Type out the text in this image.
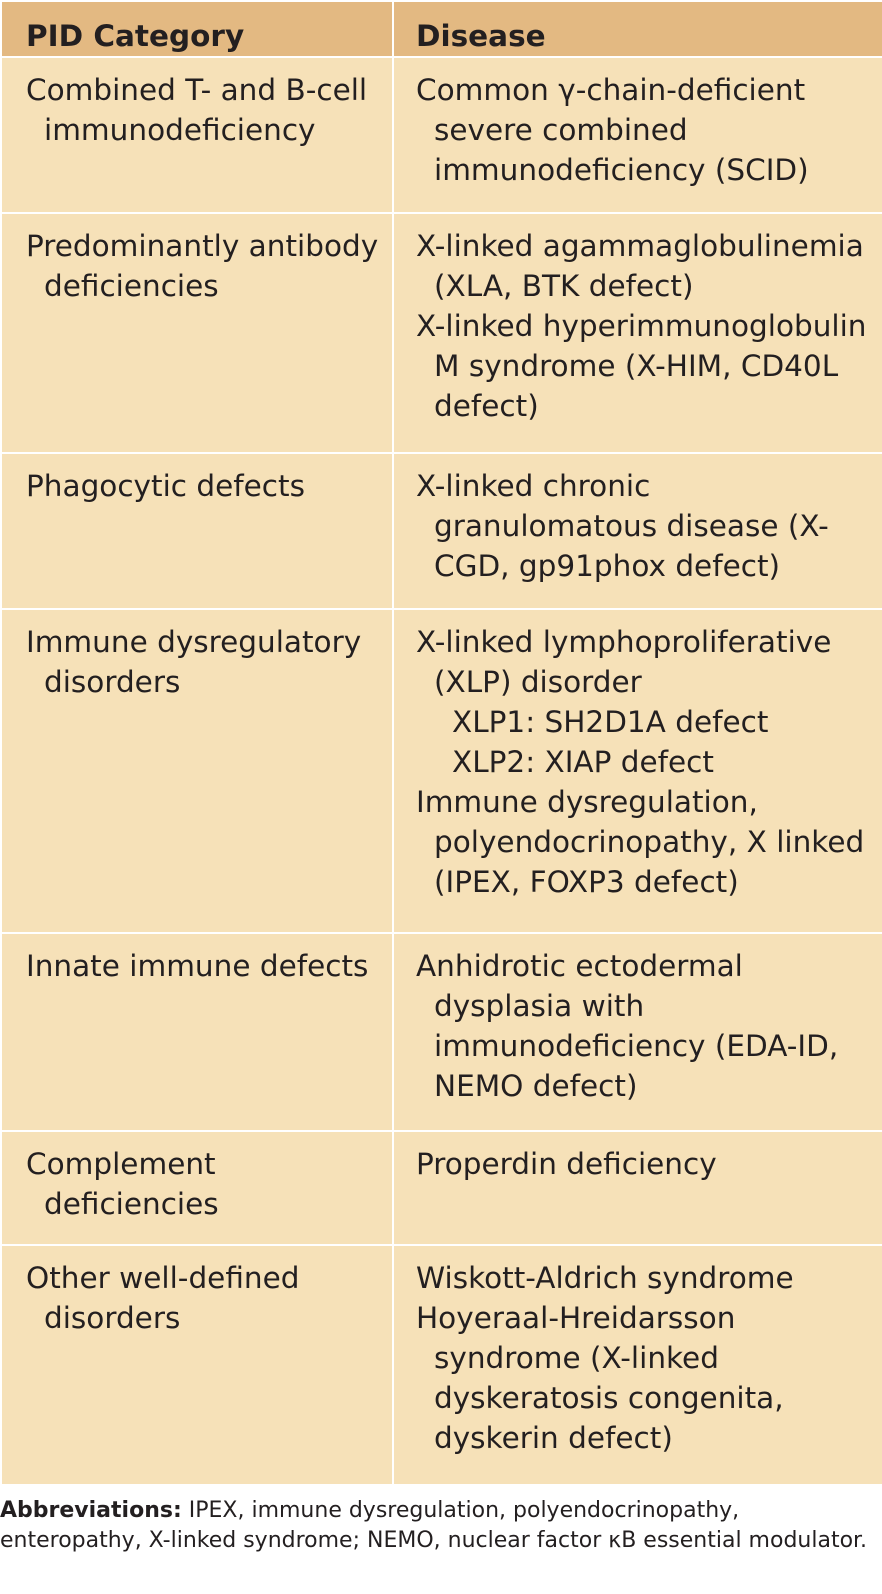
PID Category	Disease

Combined T- and B-cell immunodeficiency	Common γ-chain-deficient severe combined immunodeficiency (SCID)

Predominantly antibody deficiencies	X-linked agammaglobulinemia (XLA, BTK defect)
X-linked hyperimmunoglobulin M syndrome (X-HIM, CD40L defect)

Phagocytic defects	X-linked chronic granulomatous disease (X-CGD, gp91phox defect)

Immune dysregulatory disorders	X-linked lymphoproliferative (XLP) disorder
XLP1: SH2D1A defect
XLP2: XIAP defect
Immune dysregulation, polyendocrinopathy, X linked (IPEX, FOXP3 defect)

Innate immune defects	Anhidrotic ectodermal dysplasia with immunodeficiency (EDA-ID, NEMO defect)

Complement deficiencies	Properdin deficiency

Other well-defined disorders	Wiskott-Aldrich syndrome
Hoyeraal-Hreidarsson syndrome (X-linked dyskeratosis congenita, dyskerin defect)
Abbreviations: IPEX, immune dysregulation, polyendocrinopathy, enteropathy, X-linked syndrome; NEMO, nuclear factor κB essential modulator.
